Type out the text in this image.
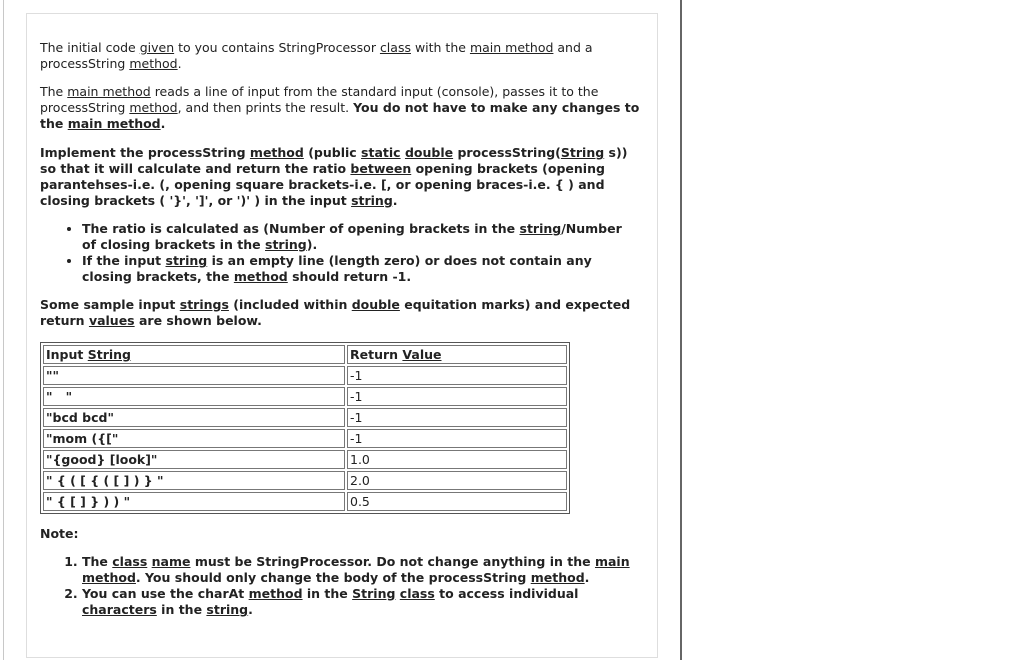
The initial code given to you contains StringProcessor class with the main method and a processString method.

The main method reads a line of input from the standard input (console), passes it to the processString method, and then prints the result. You do not have to make any changes to the main method.

Implement the processString method (public static double processString(String s)) so that it will calculate and return the ratio between opening brackets (opening parantehses-i.e. (, opening square brackets-i.e. [, or opening braces-i.e. { ) and closing brackets ( '}', ']', or ')' ) in the input string.

• The ratio is calculated as (Number of opening brackets in the string/Number of closing brackets in the string).
• If the input string is an empty line (length zero) or does not contain any closing brackets, the method should return -1.

Some sample input strings (included within double equitation marks) and expected return values are shown below.

Input String	Return Value
""	-1
"   "	-1
"bcd bcd"	-1
"mom ({["	-1
"{good} [look]"	1.0
" { ( [ { ( [ ] ) } "	2.0
" { [ ] } ) ) "	0.5

Note:

1. The class name must be StringProcessor. Do not change anything in the main method. You should only change the body of the processString method.
2. You can use the charAt method in the String class to access individual characters in the string.
